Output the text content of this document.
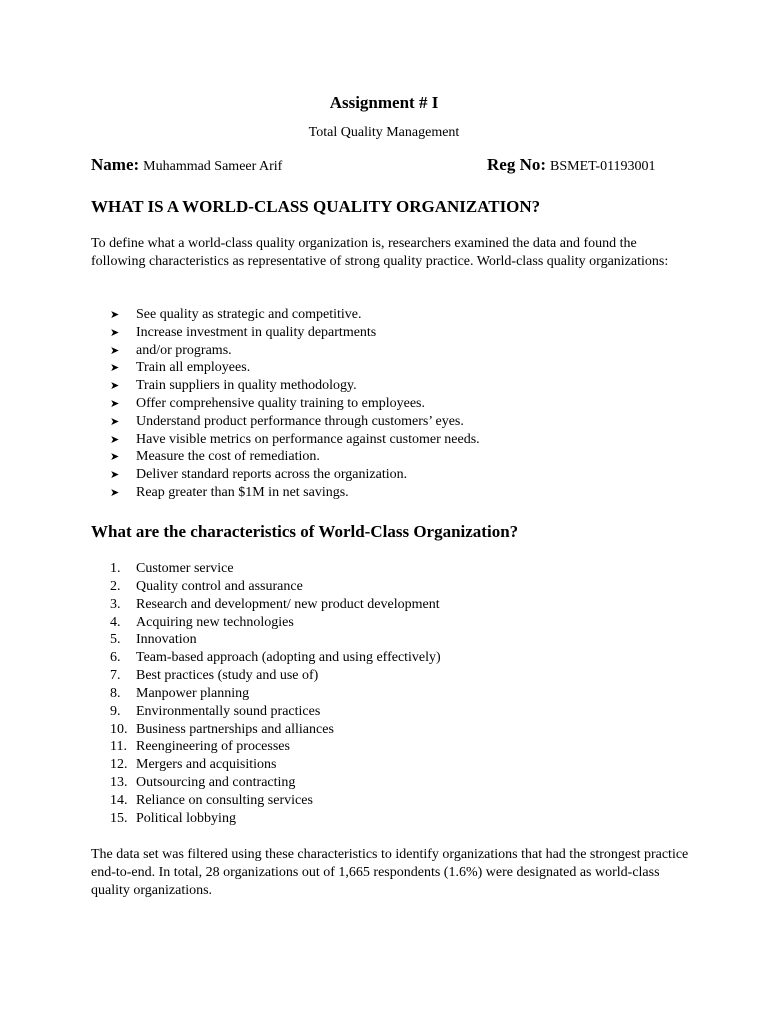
Assignment # I
Total Quality Management
Name: Muhammad Sameer Arif	Reg No: BSMET-01193001
WHAT IS A WORLD-CLASS QUALITY ORGANIZATION?
To define what a world-class quality organization is, researchers examined the data and found the following characteristics as representative of strong quality practice. World-class quality organizations:
➤ See quality as strategic and competitive.
➤ Increase investment in quality departments
➤ and/or programs.
➤ Train all employees.
➤ Train suppliers in quality methodology.
➤ Offer comprehensive quality training to employees.
➤ Understand product performance through customers’ eyes.
➤ Have visible metrics on performance against customer needs.
➤ Measure the cost of remediation.
➤ Deliver standard reports across the organization.
➤ Reap greater than $1M in net savings.
What are the characteristics of World-Class Organization?
1. Customer service
2. Quality control and assurance
3. Research and development/ new product development
4. Acquiring new technologies
5. Innovation
6. Team-based approach (adopting and using effectively)
7. Best practices (study and use of)
8. Manpower planning
9. Environmentally sound practices
10. Business partnerships and alliances
11. Reengineering of processes
12. Mergers and acquisitions
13. Outsourcing and contracting
14. Reliance on consulting services
15. Political lobbying
The data set was filtered using these characteristics to identify organizations that had the strongest practice end-to-end. In total, 28 organizations out of 1,665 respondents (1.6%) were designated as world-class quality organizations.
